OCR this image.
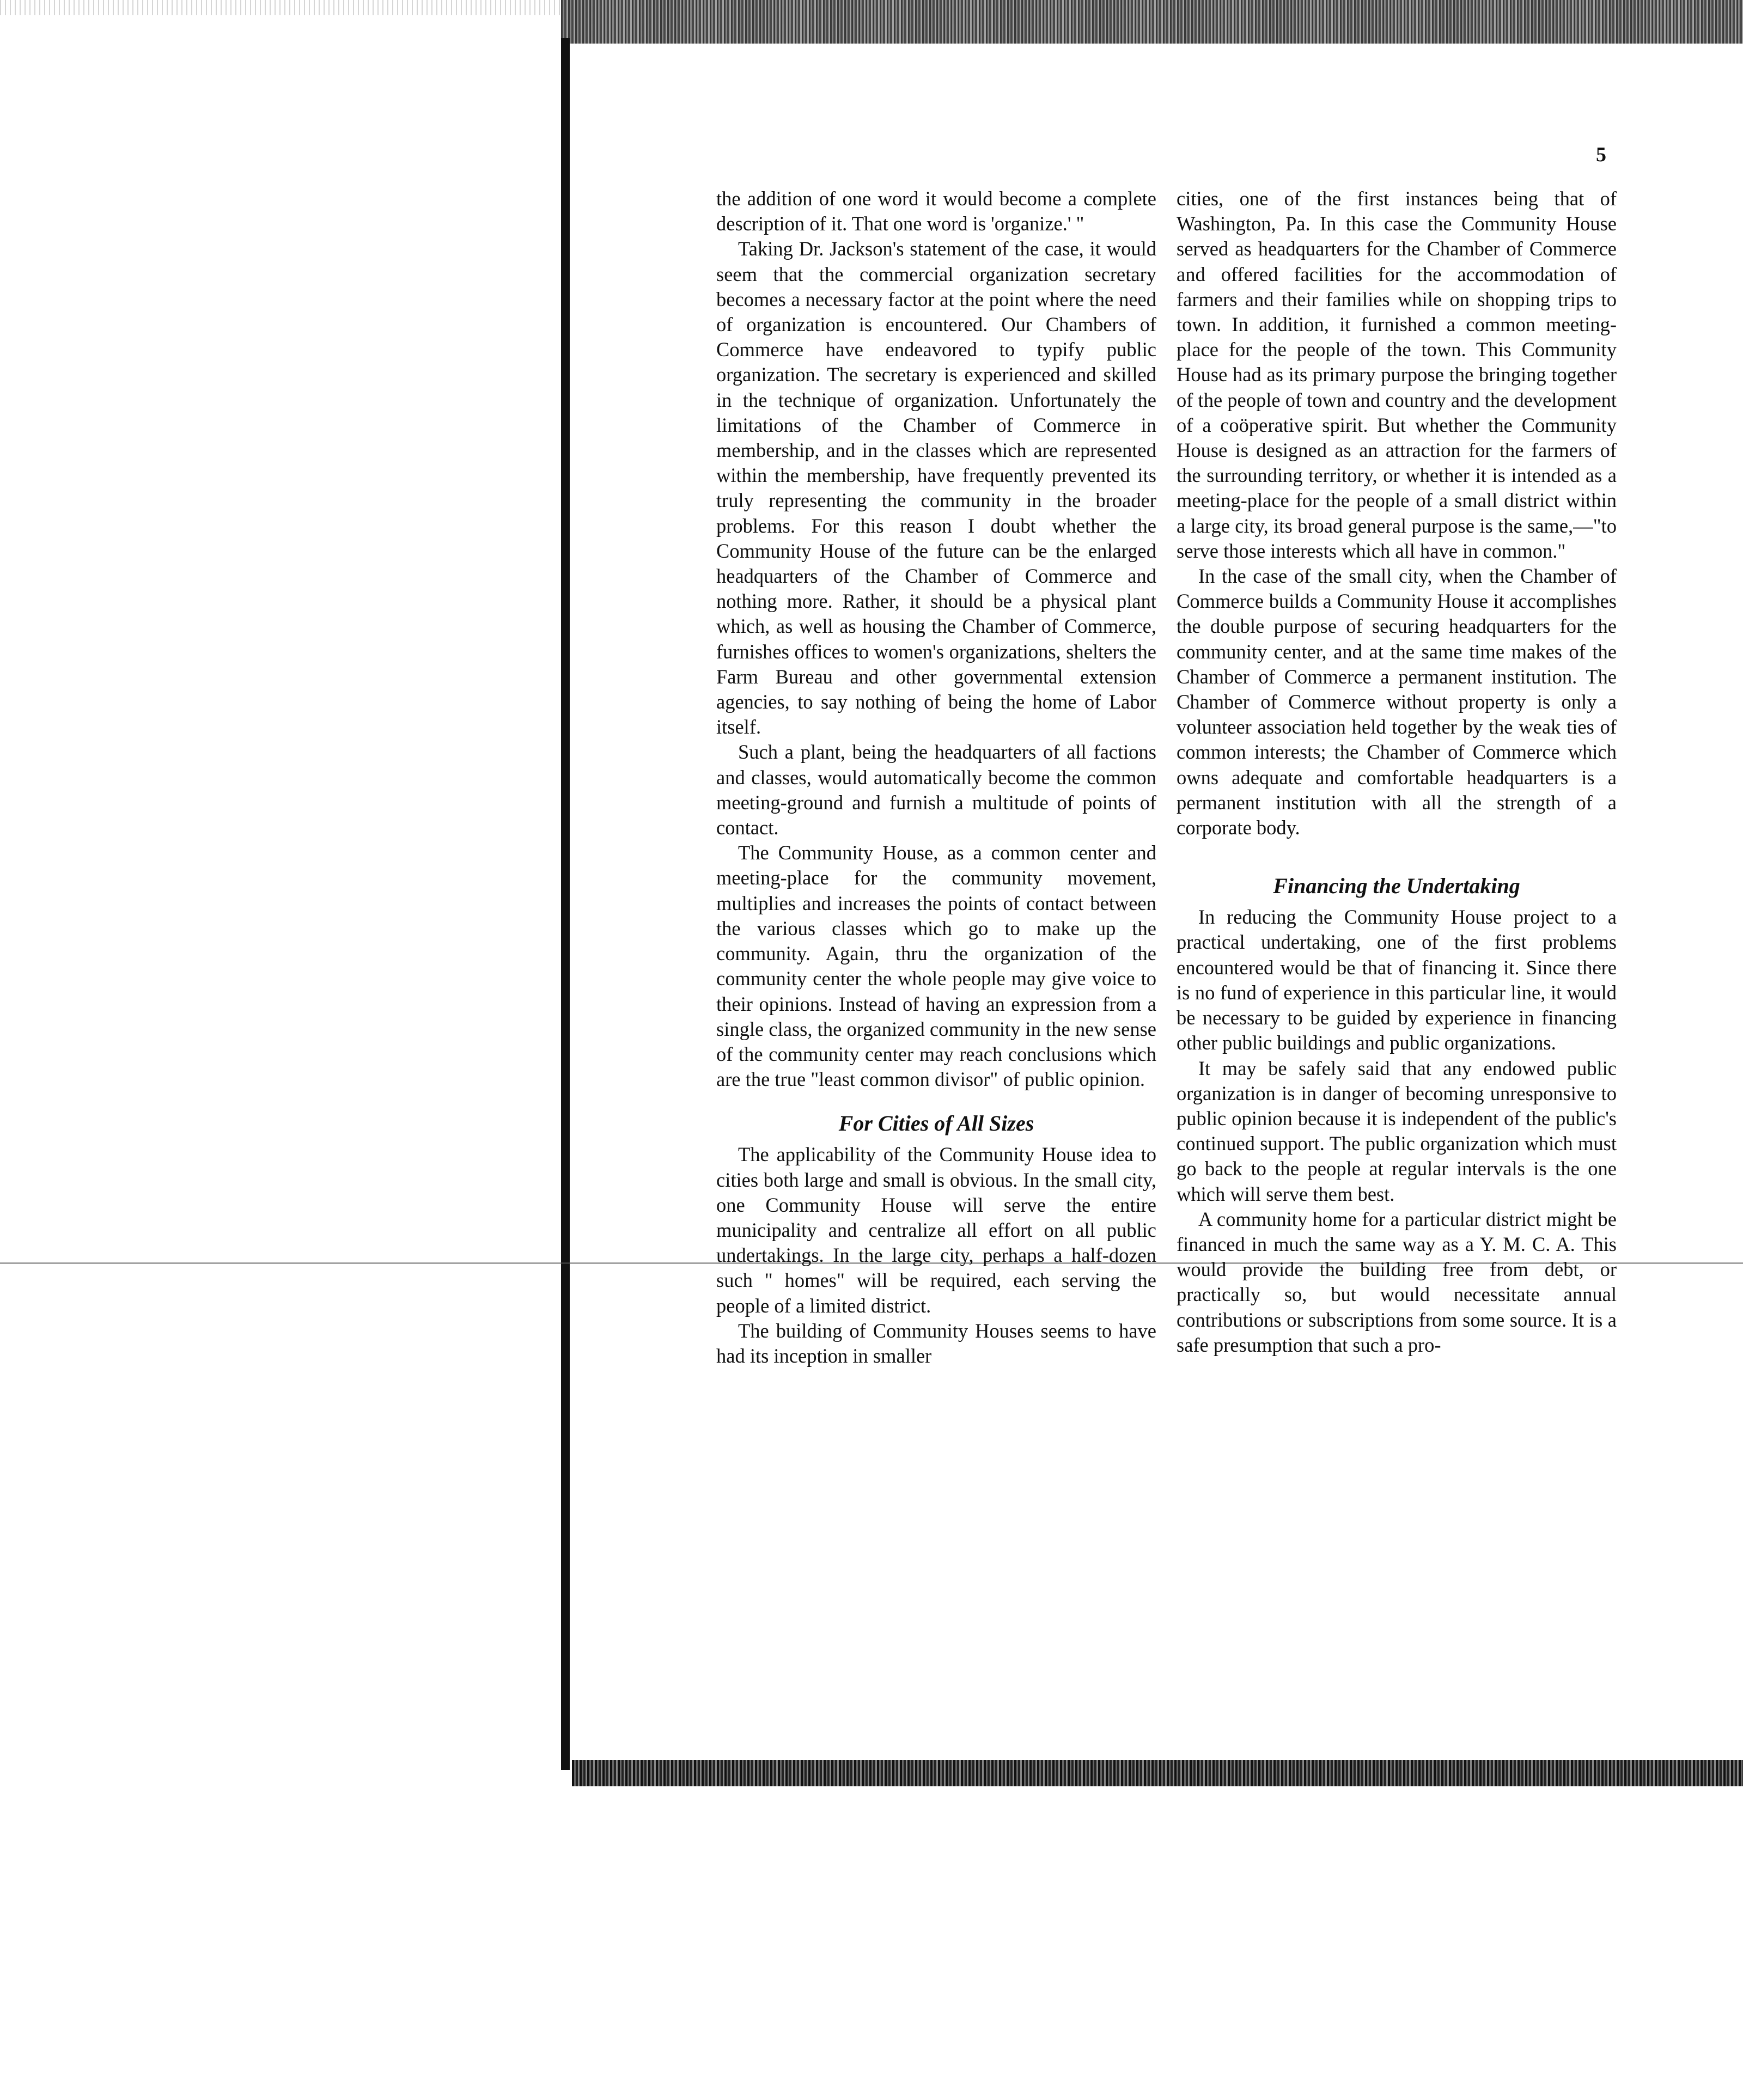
5

the addition of one word it would become a complete description of it. That one word is 'organize.' "

Taking Dr. Jackson's statement of the case, it would seem that the commercial organization secretary becomes a necessary factor at the point where the need of organization is encountered. Our Chambers of Commerce have endeavored to typify public organization. The secretary is experienced and skilled in the technique of organization. Unfortunately the limitations of the Chamber of Commerce in membership, and in the classes which are represented within the membership, have frequently prevented its truly representing the community in the broader problems. For this reason I doubt whether the Community House of the future can be the enlarged headquarters of the Chamber of Commerce and nothing more. Rather, it should be a physical plant which, as well as housing the Chamber of Commerce, furnishes offices to women's organizations, shelters the Farm Bureau and other governmental extension agencies, to say nothing of being the home of Labor itself.

Such a plant, being the headquarters of all factions and classes, would automatically become the common meeting-ground and furnish a multitude of points of contact.

The Community House, as a common center and meeting-place for the community movement, multiplies and increases the points of contact between the various classes which go to make up the community. Again, thru the organization of the community center the whole people may give voice to their opinions. Instead of having an expression from a single class, the organized community in the new sense of the community center may reach conclusions which are the true "least common divisor" of public opinion.

For Cities of All Sizes

The applicability of the Community House idea to cities both large and small is obvious. In the small city, one Community House will serve the entire municipality and centralize all effort on all public undertakings. In the large city, perhaps a half-dozen such " homes" will be required, each serving the people of a limited district.

The building of Community Houses seems to have had its inception in smaller

cities, one of the first instances being that of Washington, Pa. In this case the Community House served as headquarters for the Chamber of Commerce and offered facilities for the accommodation of farmers and their families while on shopping trips to town. In addition, it furnished a common meeting-place for the people of the town. This Community House had as its primary purpose the bringing together of the people of town and country and the development of a coöperative spirit. But whether the Community House is designed as an attraction for the farmers of the surrounding territory, or whether it is intended as a meeting-place for the people of a small district within a large city, its broad general purpose is the same,—"to serve those interests which all have in common."

In the case of the small city, when the Chamber of Commerce builds a Community House it accomplishes the double purpose of securing headquarters for the community center, and at the same time makes of the Chamber of Commerce a permanent institution. The Chamber of Commerce without property is only a volunteer association held together by the weak ties of common interests; the Chamber of Commerce which owns adequate and comfortable headquarters is a permanent institution with all the strength of a corporate body.

Financing the Undertaking

In reducing the Community House project to a practical undertaking, one of the first problems encountered would be that of financing it. Since there is no fund of experience in this particular line, it would be necessary to be guided by experience in financing other public buildings and public organizations.

It may be safely said that any endowed public organization is in danger of becoming unresponsive to public opinion because it is independent of the public's continued support. The public organization which must go back to the people at regular intervals is the one which will serve them best.

A community home for a particular district might be financed in much the same way as a Y. M. C. A. This would provide the building free from debt, or practically so, but would necessitate annual contributions or subscriptions from some source. It is a safe presumption that such a pro-
